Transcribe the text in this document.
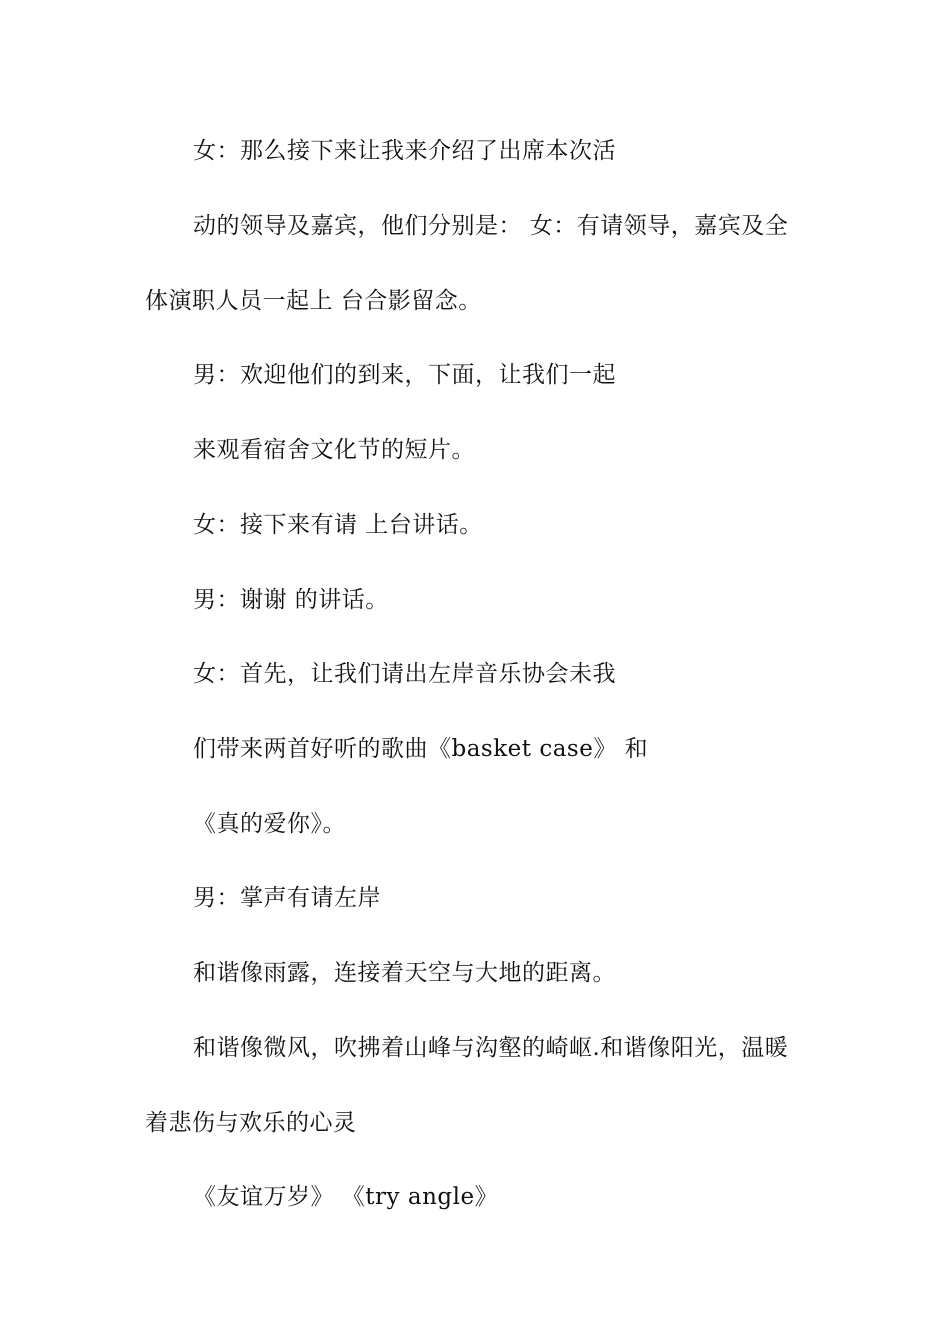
女：那么接下来让我来介绍了出席本次活
动的领导及嘉宾，他们分别是： 女：有请领导，嘉宾及全
体演职人员一起上 台合影留念。
男：欢迎他们的到来，下面，让我们一起
来观看宿舍文化节的短片。
女：接下来有请 上台讲话。
男：谢谢 的讲话。
女：首先，让我们请出左岸音乐协会未我
们带来两首好听的歌曲《basket case》 和
《真的爱你》。
男：掌声有请左岸
和谐像雨露，连接着天空与大地的距离。
和谐像微风，吹拂着山峰与沟壑的崎岖.和谐像阳光，温暖
着悲伤与欢乐的心灵
《友谊万岁》 《try angle》
